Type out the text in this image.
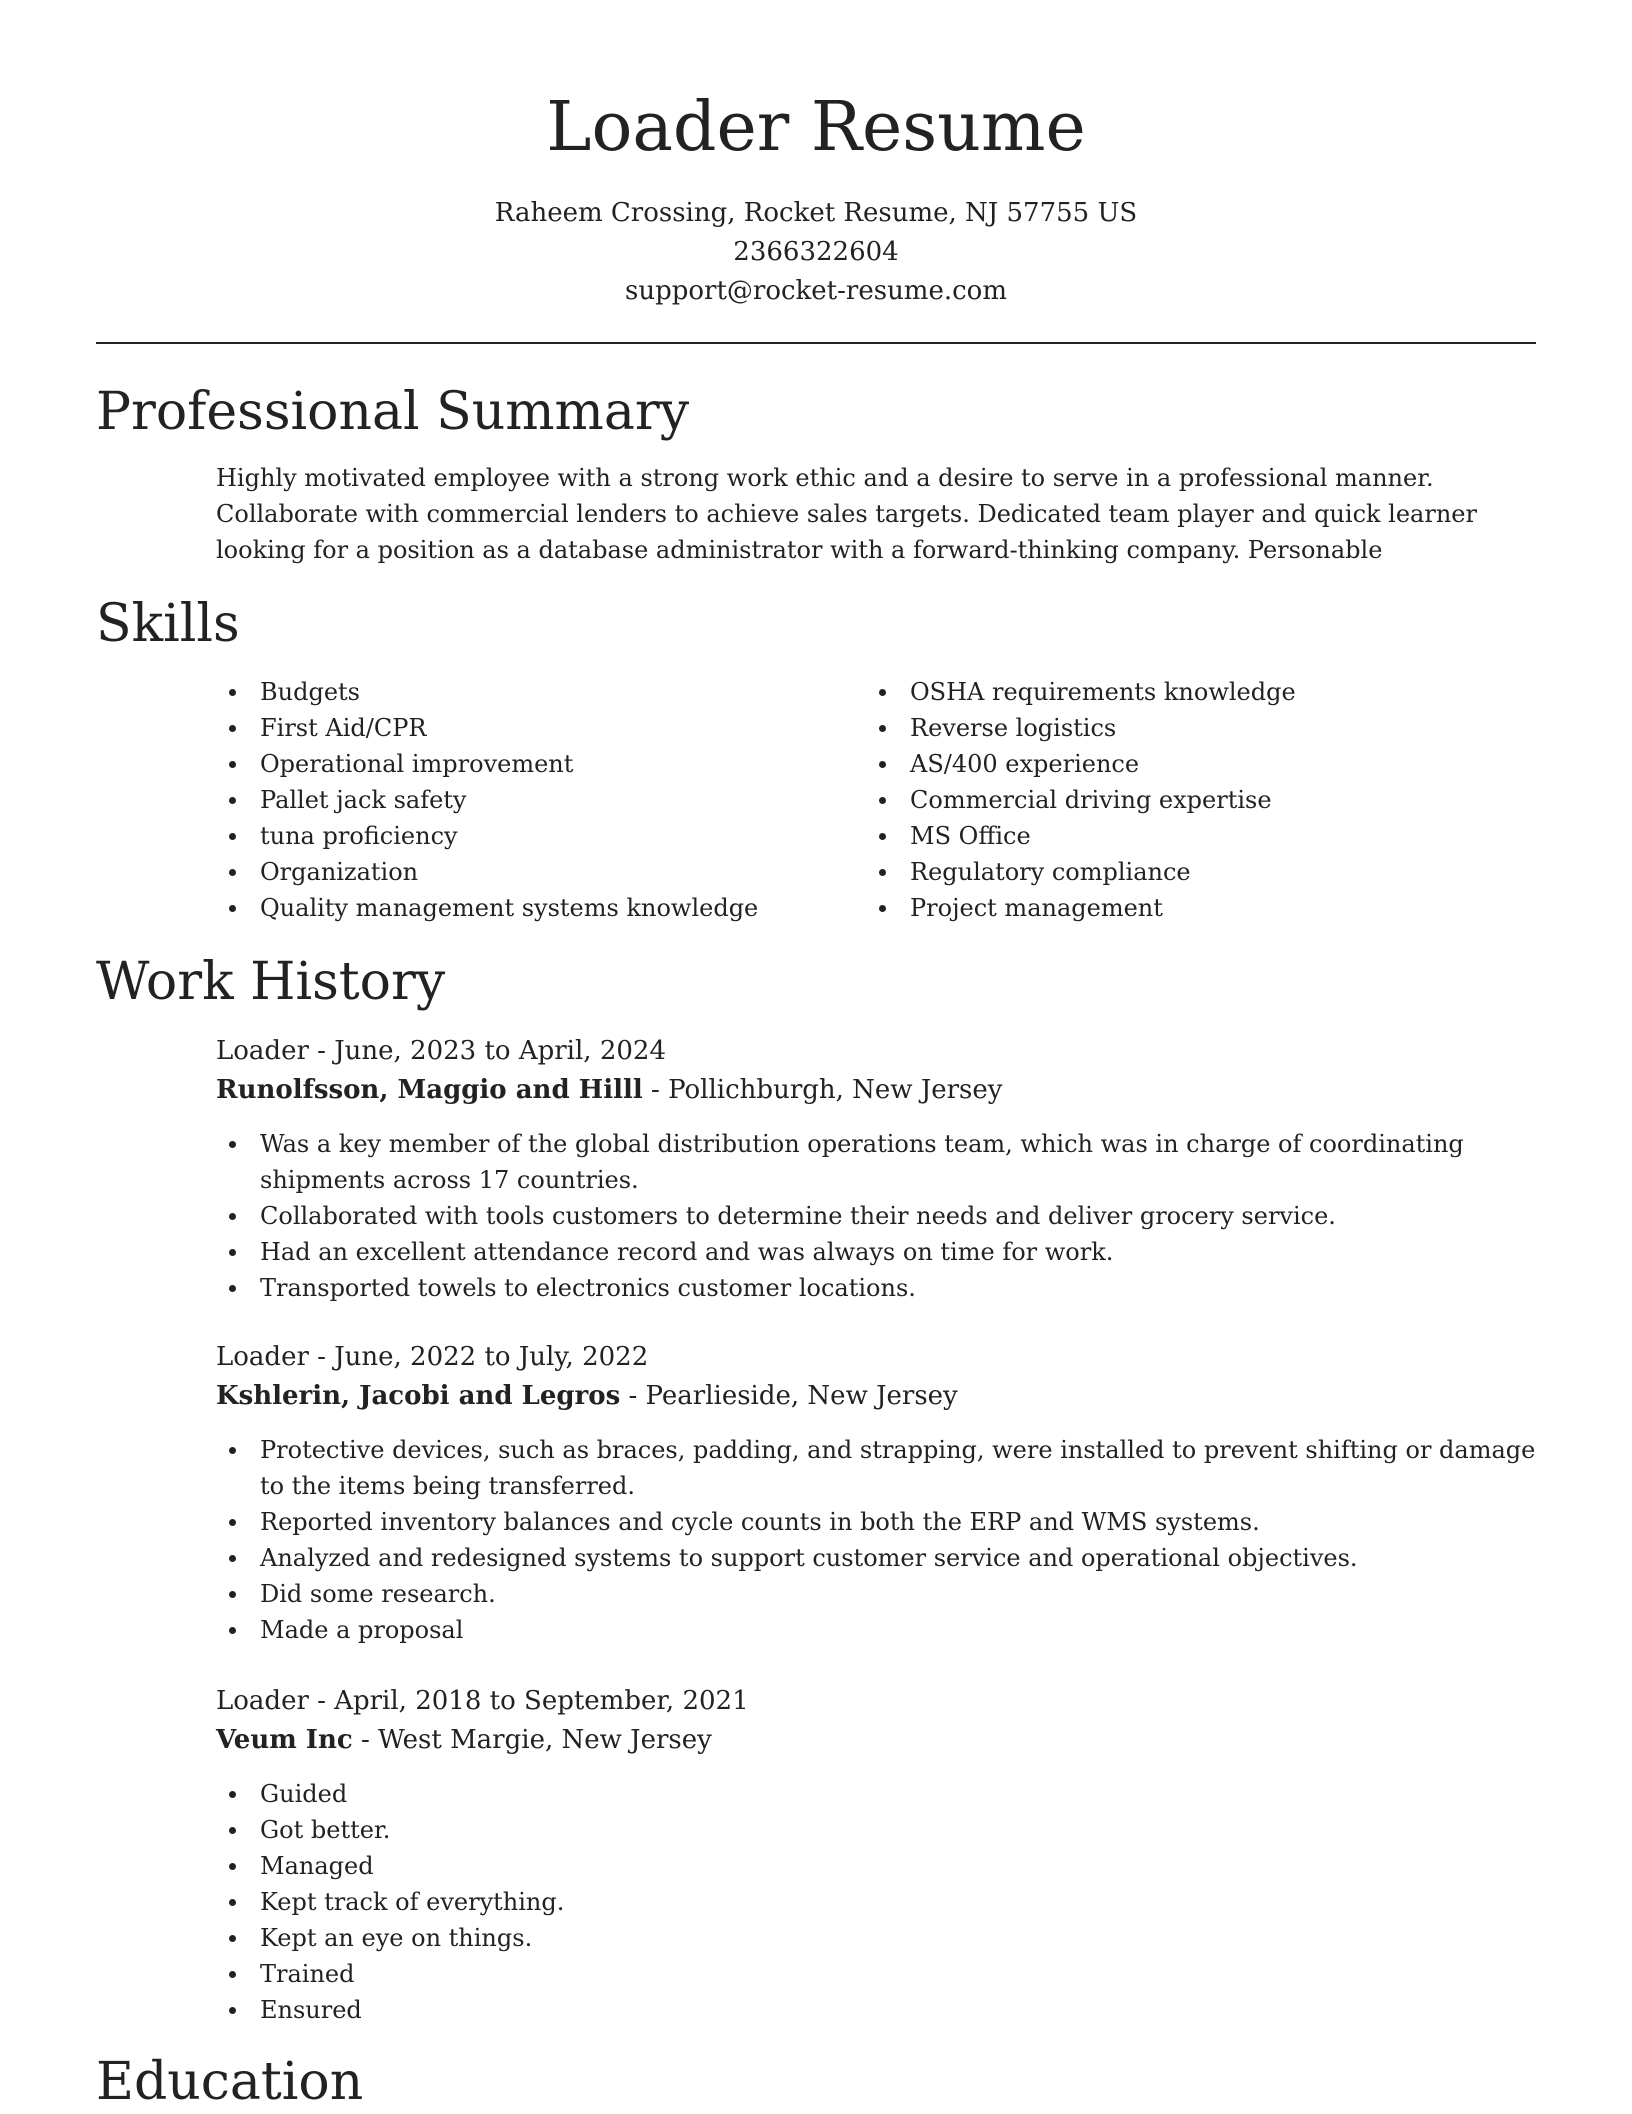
Loader Resume
Raheem Crossing, Rocket Resume, NJ 57755 US
2366322604
support@rocket-resume.com
Professional Summary

Highly motivated employee with a strong work ethic and a desire to serve in a professional manner. Collaborate with commercial lenders to achieve sales targets. Dedicated team player and quick learner looking for a position as a database administrator with a forward-thinking company. Personable

Skills
Budgets
First Aid/CPR
Operational improvement
Pallet jack safety
tuna proficiency
Organization
Quality management systems knowledge
OSHA requirements knowledge
Reverse logistics
AS/400 experience
Commercial driving expertise
MS Office
Regulatory compliance
Project management
Work History
Loader - June, 2023 to April, 2024
Runolfsson, Maggio and Hilll - Pollichburgh, New Jersey
Was a key member of the global distribution operations team, which was in charge of coordinating shipments across 17 countries.
Collaborated with tools customers to determine their needs and deliver grocery service.
Had an excellent attendance record and was always on time for work.
Transported towels to electronics customer locations.
Loader - June, 2022 to July, 2022
Kshlerin, Jacobi and Legros - Pearlieside, New Jersey
Protective devices, such as braces, padding, and strapping, were installed to prevent shifting or damage to the items being transferred.
Reported inventory balances and cycle counts in both the ERP and WMS systems.
Analyzed and redesigned systems to support customer service and operational objectives.
Did some research.
Made a proposal
Loader - April, 2018 to September, 2021
Veum Inc - West Margie, New Jersey
Guided
Got better.
Managed
Kept track of everything.
Kept an eye on things.
Trained
Ensured
Education
